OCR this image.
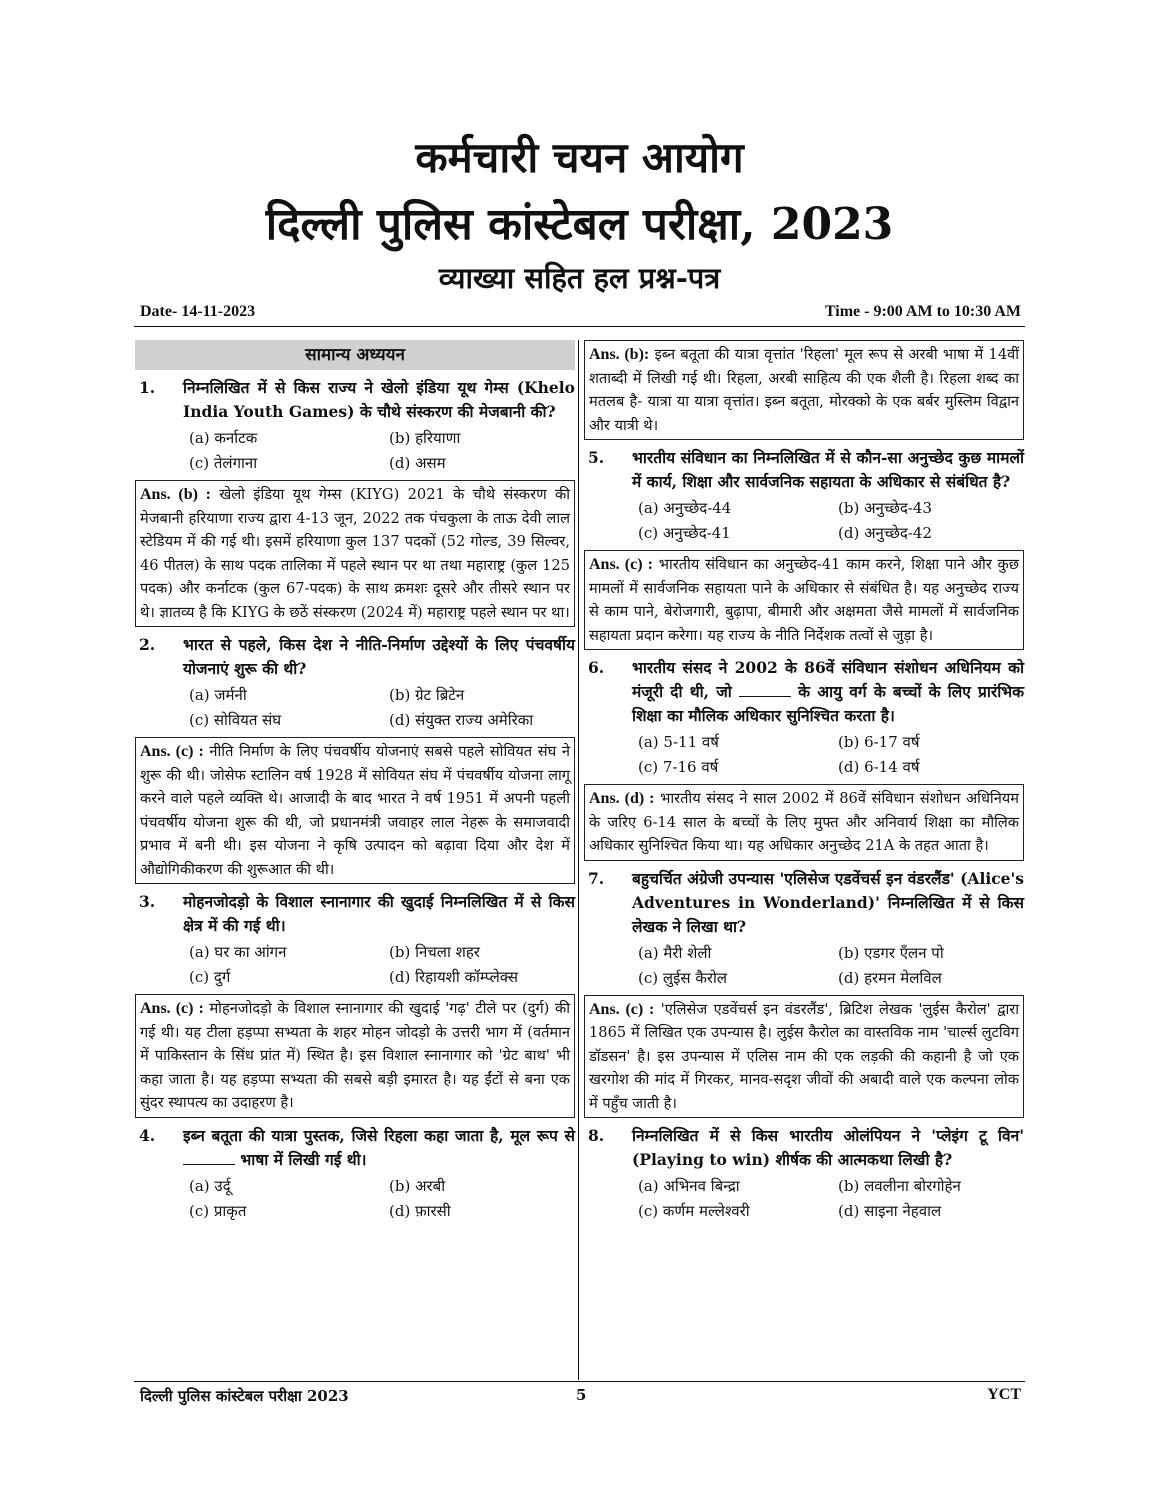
कर्मचारी चयन आयोग
दिल्ली पुलिस कांस्टेबल परीक्षा, 2023
व्याख्या सहित हल प्रश्न-पत्र
Date- 14-11-2023	Time - 9:00 AM to 10:30 AM
सामान्य अध्ययन
1.	निम्नलिखित में से किस राज्य ने खेलो इंडिया यूथ गेम्स (Khelo India Youth Games) के चौथे संस्करण की मेजबानी की?
(a) कर्नाटक	(b) हरियाणा
(c) तेलंगाना	(d) असम
Ans. (b) : खेलो इंडिया यूथ गेम्स (KIYG) 2021 के चौथे संस्करण की मेजबानी हरियाणा राज्य द्वारा 4-13 जून, 2022 तक पंचकुला के ताऊ देवी लाल स्टेडियम में की गई थी। इसमें हरियाणा कुल 137 पदकों (52 गोल्ड, 39 सिल्वर, 46 पीतल) के साथ पदक तालिका में पहले स्थान पर था तथा महाराष्ट्र (कुल 125 पदक) और कर्नाटक (कुल 67-पदक) के साथ क्रमशः दूसरे और तीसरे स्थान पर थे। ज्ञातव्य है कि KIYG के छठें संस्करण (2024 में) महाराष्ट्र पहले स्थान पर था।
2.	भारत से पहले, किस देश ने नीति-निर्माण उद्देश्यों के लिए पंचवर्षीय योजनाएं शुरू की थी?
(a) जर्मनी	(b) ग्रेट ब्रिटेन
(c) सोवियत संघ	(d) संयुक्त राज्य अमेरिका
Ans. (c) : नीति निर्माण के लिए पंचवर्षीय योजनाएं सबसे पहले सोवियत संघ ने शुरू की थी। जोसेफ स्टालिन वर्ष 1928 में सोवियत संघ में पंचवर्षीय योजना लागू करने वाले पहले व्यक्ति थे। आजादी के बाद भारत ने वर्ष 1951 में अपनी पहली पंचवर्षीय योजना शुरू की थी, जो प्रधानमंत्री जवाहर लाल नेहरू के समाजवादी प्रभाव में बनी थी। इस योजना ने कृषि उत्पादन को बढ़ावा दिया और देश में औद्योगिकीकरण की शुरूआत की थी।
3.	मोहनजोदड़ो के विशाल स्नानागार की खुदाई निम्नलिखित में से किस क्षेत्र में की गई थी।
(a) घर का आंगन	(b) निचला शहर
(c) दुर्ग	(d) रिहायशी कॉम्प्लेक्स
Ans. (c) : मोहनजोदड़ो के विशाल स्नानागार की खुदाई 'गढ़' टीले पर (दुर्ग) की गई थी। यह टीला हड़प्पा सभ्यता के शहर मोहन जोदड़ो के उत्तरी भाग में (वर्तमान में पाकिस्तान के सिंध प्रांत में) स्थित है। इस विशाल स्नानागार को 'ग्रेट बाथ' भी कहा जाता है। यह हड़प्पा सभ्यता की सबसे बड़ी इमारत है। यह ईंटों से बना एक सुंदर स्थापत्य का उदाहरण है।
4.	इब्न बतूता की यात्रा पुस्तक, जिसे रिहला कहा जाता है, मूल रूप से  भाषा में लिखी गई थी।
(a) उर्दू	(b) अरबी
(c) प्राकृत	(d) फ़ारसी
Ans. (b): इब्न बतूता की यात्रा वृत्तांत 'रिहला' मूल रूप से अरबी भाषा में 14वीं शताब्दी में लिखी गई थी। रिहला, अरबी साहित्य की एक शैली है। रिहला शब्द का मतलब है- यात्रा या यात्रा वृत्तांत। इब्न बतूता, मोरक्को के एक बर्बर मुस्लिम विद्वान और यात्री थे।
5.	भारतीय संविधान का निम्नलिखित में से कौन-सा अनुच्छेद कुछ मामलों में कार्य, शिक्षा और सार्वजनिक सहायता के अधिकार से संबंधित है?
(a) अनुच्छेद-44	(b) अनुच्छेद-43
(c) अनुच्छेद-41	(d) अनुच्छेद-42
Ans. (c) : भारतीय संविधान का अनुच्छेद-41 काम करने, शिक्षा पाने और कुछ मामलों में सार्वजनिक सहायता पाने के अधिकार से संबंधित है। यह अनुच्छेद राज्य से काम पाने, बेरोजगारी, बुढ़ापा, बीमारी और अक्षमता जैसे मामलों में सार्वजनिक सहायता प्रदान करेगा। यह राज्य के नीति निर्देशक तत्वों से जुड़ा है।
6.	भारतीय संसद ने 2002 के 86वें संविधान संशोधन अधिनियम को मंजूरी दी थी, जो	के आयु वर्ग के बच्चों के लिए प्रारंभिक शिक्षा का मौलिक अधिकार सुनिश्चित करता है।
(a) 5-11 वर्ष	(b) 6-17 वर्ष
(c) 7-16 वर्ष	(d) 6-14 वर्ष
Ans. (d) : भारतीय संसद ने साल 2002 में 86वें संविधान संशोधन अधिनियम के जरिए 6-14 साल के बच्चों के लिए मुफ्त और अनिवार्य शिक्षा का मौलिक अधिकार सुनिश्चित किया था। यह अधिकार अनुच्छेद 21A के तहत आता है।
7.	बहुचर्चित अंग्रेजी उपन्यास 'एलिसेज एडवेंचर्स इन वंडरलैंड' (Alice's Adventures in Wonderland)' निम्नलिखित में से किस लेखक ने लिखा था?
(a) मैरी शेली	(b) एडगर एँलन पो
(c) लुईस कैरोल	(d) हरमन मेलविल
Ans. (c) : 'एलिसेज एडवेंचर्स इन वंडरलैंड', ब्रिटिश लेखक 'लुईस कैरोल' द्वारा 1865 में लिखित एक उपन्यास है। लुईस कैरोल का वास्तविक नाम 'चार्ल्स लुटविग डॉडसन' है। इस उपन्यास में एलिस नाम की एक लड़की की कहानी है जो एक खरगोश की मांद में गिरकर, मानव-सदृश जीवों की अबादी वाले एक कल्पना लोक में पहुँच जाती है।
8.	निम्नलिखित में से किस भारतीय ओलंपियन ने 'प्लेइंग टू विन' (Playing to win) शीर्षक की आत्मकथा लिखी है?
(a) अभिनव बिन्द्रा	(b) लवलीना बोरगोहेन
(c) कर्णम मल्लेश्वरी	(d) साइना नेहवाल
दिल्ली पुलिस कांस्टेबल परीक्षा 2023	5	YCT
